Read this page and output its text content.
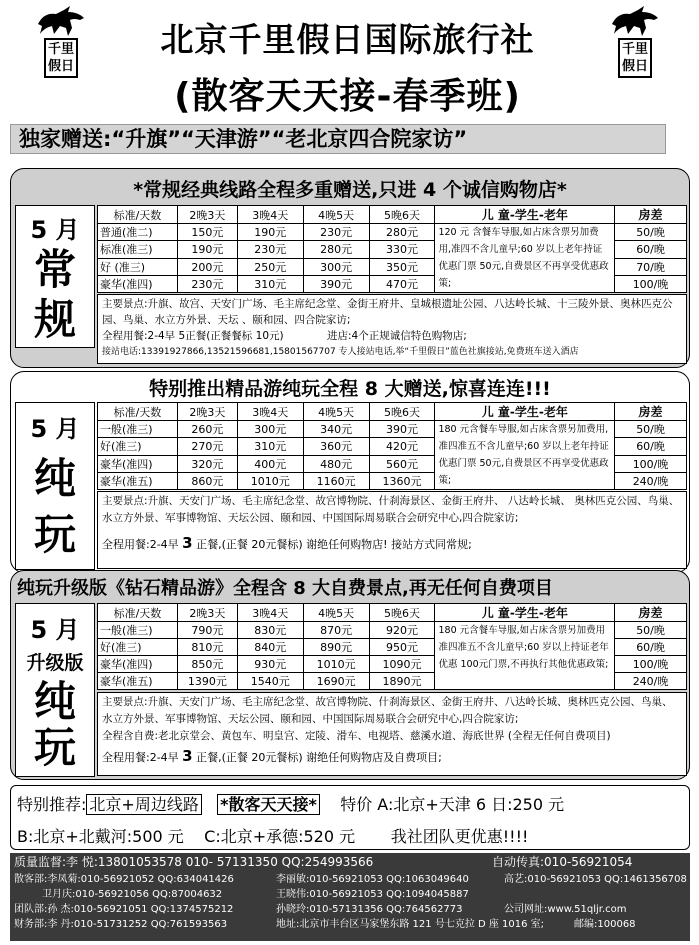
千里假日
千里假日
北京千里假日国际旅行社
(散客天天接-春季班)
独家赠送:“升旗”“天津游”“老北京四合院家访”
*常规经典线路全程多重赠送,只进 4 个诚信购物店*
5 月
常
规
标准/天数	2晚3天	3晚4天	4晚5天	5晚6天	儿 童-学生-老年	房差
普通(准二)	150元	190元	230元	280元	120 元 含餐车导服,如占床含票另加费用,准四不含儿童早;60 岁以上老年持证优惠门票 50元,自费景区不再享受优惠政策;	50/晚
标准(准三)	190元	230元	280元	330元		60/晚
好 (准三)	200元	250元	300元	350元		70/晚
豪华(准四)	230元	310元	390元	470元		100/晚
主要景点:升旗、故宫、天安门广场、毛主席纪念堂、金街王府井、皇城根遗址公园、八达岭长城、十三陵外景、奥林匹克公园、鸟巢、水立方外景、天坛 、颐和园、四合院家访;
全程用餐:2-4早 5正餐(正餐餐标 10元)	进店:4个正规诚信特色购物店;
接站电话:13391927866,13521596681,15801567707 专人接站电话,举“千里假日”蓝色社旗接站,免费班车送入酒店
特别推出精品游纯玩全程 8 大赠送,惊喜连连!!!
5 月
纯
玩
标准/天数	2晚3天	3晚4天	4晚5天	5晚6天	儿 童-学生-老年	房差
一般(准三)	260元	300元	340元	390元	180 元含餐车导服,如占床含票另加费用,准四准五不含儿童早;60 岁以上老年持证优惠门票 50元,自费景区不再享受优惠政策;	50/晚
好(准三)	270元	310元	360元	420元		60/晚
豪华(准四)	320元	400元	480元	560元		100/晚
豪华(准五)	860元	1010元	1160元	1360元		240/晚
主要景点:升旗、天安门广场、毛主席纪念堂、故宫博物院、什刹海景区、金街王府井、 八达岭长城、 奥林匹克公园、鸟巢、水立方外景、军事博物馆、天坛公园、颐和园、中国国际周易联合会研究中心,四合院家访;
全程用餐:2-4早 3 正餐,(正餐 20元餐标) 谢绝任何购物店! 接站方式同常规;
纯玩升级版《钻石精品游》全程含 8 大自费景点,再无任何自费项目
5 月
升级版
纯
玩
标准/天数	2晚3天	3晚4天	4晚5天	5晚6天	儿 童-学生-老年	房差
一般(准三)	790元	830元	870元	920元	180 元含餐车导服,如占床含票另加费用准四准五不含儿童早;60 岁以上持证老年优惠 100元门票,不再执行其他优惠政策;	50/晚
好(准三)	810元	840元	890元	950元		60/晚
豪华(准四)	850元	930元	1010元	1090元		100/晚
豪华(准五)	1390元	1540元	1690元	1890元		240/晚
主要景点:升旗、天安门广场、毛主席纪念堂、故宫博物院、什刹海景区、金街王府井、八达岭长城、奥林匹克公园、鸟巢、水立方外景、军事博物馆、天坛公园、颐和园、中国国际周易联合会研究中心,四合院家访;
全程含自费:老北京堂会、黄包车、明皇宫、定陵、滑车、电视塔、慈溪水道、海底世界 (全程无任何自费项目)
全程用餐:2-4早 3 正餐,(正餐 20元餐标) 谢绝任何购物店及自费项目;
特别推荐: 北京+周边线路 *散客天天接* 特价 A:北京+天津 6 日:250 元
B:北京+北戴河:500 元 C:北京+承德:520 元 我社团队更优惠!!!!
质量监督:李 悦:13801053578 010- 57131350 QQ:254993566	自动传真:010-56921054
散客部:李凤菊:010-56921052 QQ:634041426	李丽敏:010-56921053 QQ:1063049640	高艺:010-56921053 QQ:1461356708
卫月庆:010-56921056 QQ:87004632	王晓伟:010-56921053 QQ:1094045887
团队部:孙 杰:010-56921051 QQ:1374575212	孙晓玲:010-57131356 QQ:764562773	公司网址:www.51qljr.com
财务部:李 丹:010-51731252 QQ:761593563	地址:北京市丰台区马家堡东路 121 号七克拉 D 座 1016 室;	邮编:100068
